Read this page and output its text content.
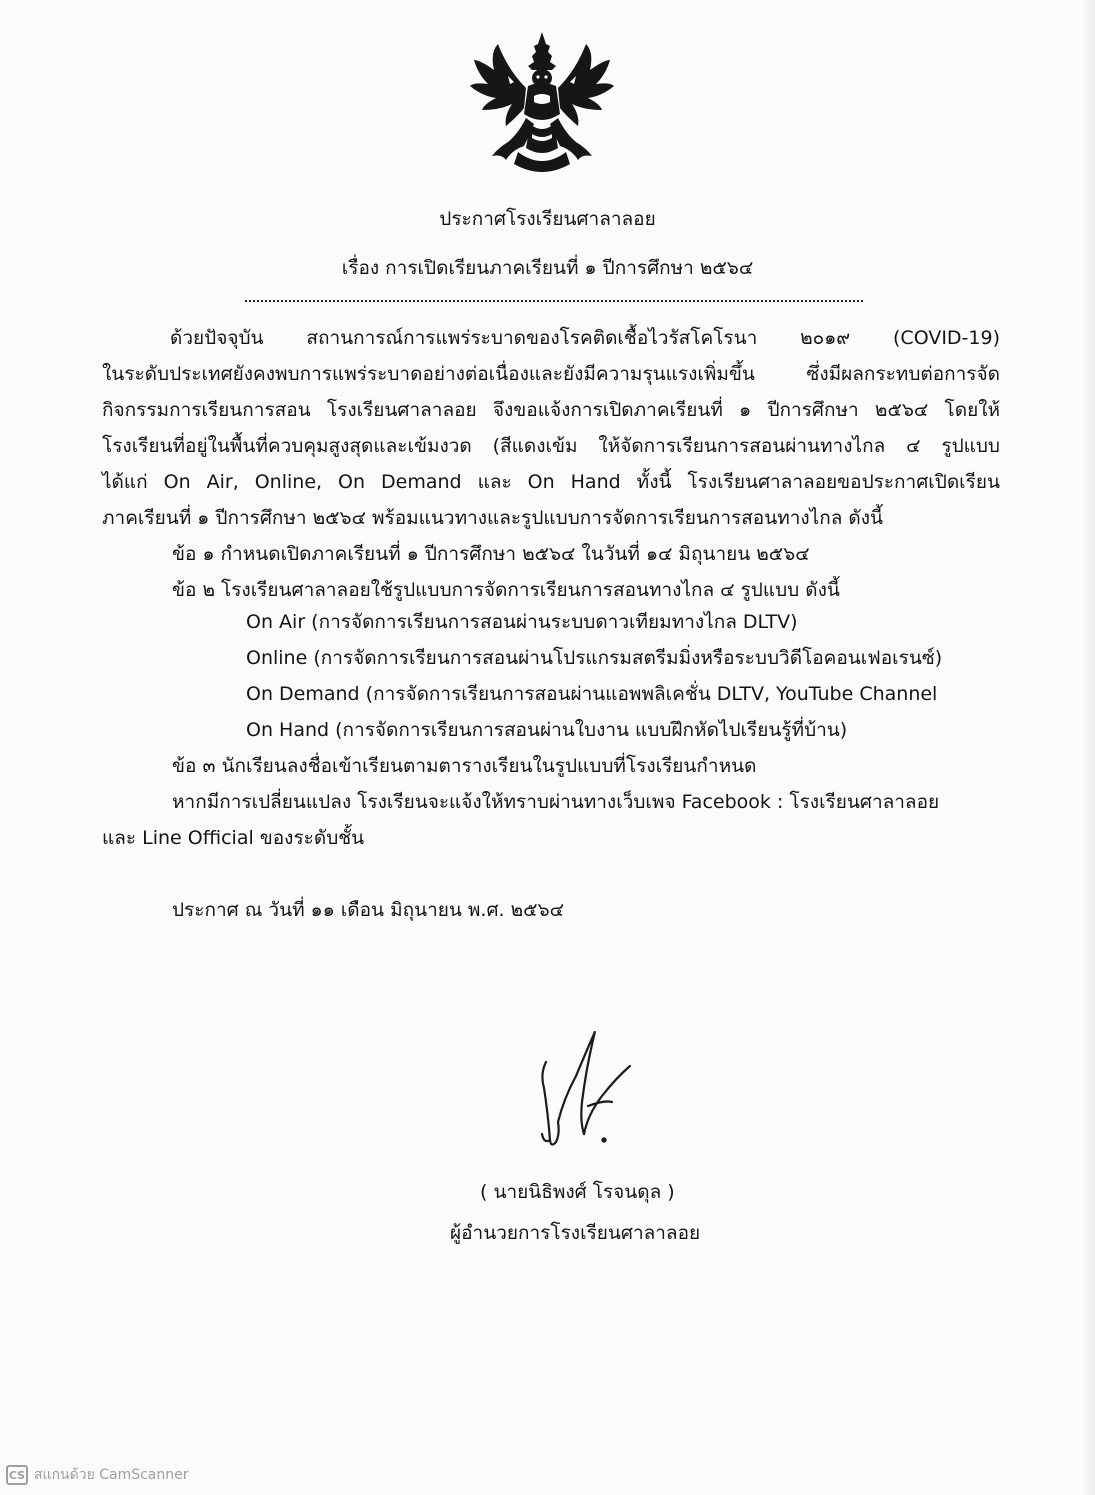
ประกาศโรงเรียนศาลาลอย
เรื่อง การเปิดเรียนภาคเรียนที่ ๑ ปีการศึกษา ๒๕๖๔
ด้วยปัจจุบัน สถานการณ์การแพร่ระบาดของโรคติดเชื้อไวรัสโคโรนา ๒๐๑๙ (COVID-19)
ในระดับประเทศยังคงพบการแพร่ระบาดอย่างต่อเนื่องและยังมีความรุนแรงเพิ่มขึ้น ซึ่งมีผลกระทบต่อการจัด
กิจกรรมการเรียนการสอน โรงเรียนศาลาลอย จึงขอแจ้งการเปิดภาคเรียนที่ ๑ ปีการศึกษา ๒๕๖๔ โดยให้
โรงเรียนที่อยู่ในพื้นที่ควบคุมสูงสุดและเข้มงวด (สีแดงเข้ม ให้จัดการเรียนการสอนผ่านทางไกล ๔ รูปแบบ
ได้แก่ On Air, Online, On Demand และ On Hand ทั้งนี้ โรงเรียนศาลาลอยขอประกาศเปิดเรียน
ภาคเรียนที่ ๑ ปีการศึกษา ๒๕๖๔ พร้อมแนวทางและรูปแบบการจัดการเรียนการสอนทางไกล ดังนี้
ข้อ ๑ กำหนดเปิดภาคเรียนที่ ๑ ปีการศึกษา ๒๕๖๔ ในวันที่ ๑๔ มิถุนายน ๒๕๖๔
ข้อ ๒ โรงเรียนศาลาลอยใช้รูปแบบการจัดการเรียนการสอนทางไกล ๔ รูปแบบ ดังนี้
On Air (การจัดการเรียนการสอนผ่านระบบดาวเทียมทางไกล DLTV)
Online (การจัดการเรียนการสอนผ่านโปรแกรมสตรีมมิ่งหรือระบบวิดีโอคอนเฟอเรนซ์)
On Demand (การจัดการเรียนการสอนผ่านแอพพลิเคชั่น DLTV, YouTube Channel
On Hand (การจัดการเรียนการสอนผ่านใบงาน แบบฝึกหัดไปเรียนรู้ที่บ้าน)
ข้อ ๓ นักเรียนลงชื่อเข้าเรียนตามตารางเรียนในรูปแบบที่โรงเรียนกำหนด
หากมีการเปลี่ยนแปลง โรงเรียนจะแจ้งให้ทราบผ่านทางเว็บเพจ Facebook : โรงเรียนศาลาลอย
และ Line Official ของระดับชั้น
ประกาศ ณ วันที่ ๑๑ เดือน มิถุนายน พ.ศ. ๒๕๖๔
( นายนิธิพงศ์ โรจนดุล )
ผู้อำนวยการโรงเรียนศาลาลอย
CS สแกนด้วย CamScanner
